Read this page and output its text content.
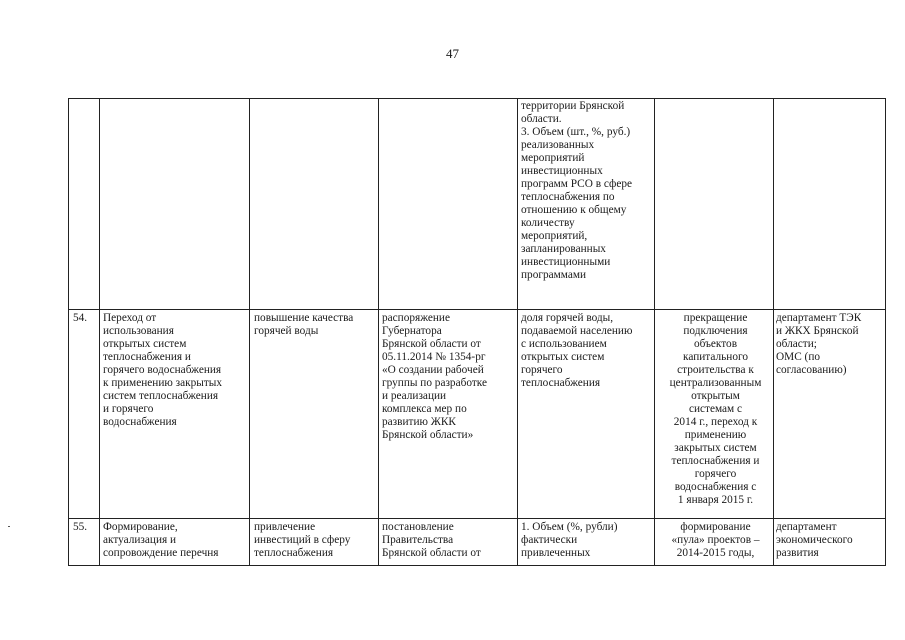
47
территории Брянской
области.
3. Объем (шт., %, руб.)
реализованных
мероприятий
инвестиционных
программ РСО в сфере
теплоснабжения по
отношению к общему
количеству
мероприятий,
запланированных
инвестиционными
программами
54.	Переход от
использования
открытых систем
теплоснабжения и
горячего водоснабжения
к применению закрытых
систем теплоснабжения
и горячего
водоснабжения
повышение качества
горячей воды
распоряжение
Губернатора
Брянской области от
05.11.2014 № 1354-рг
«О создании рабочей
группы по разработке
и реализации
комплекса мер по
развитию ЖКК
Брянской области»
доля горячей воды,
подаваемой населению
с использованием
открытых систем
горячего
теплоснабжения
прекращение
подключения
объектов
капитального
строительства к
централизованным
открытым
системам с
2014 г., переход к
применению
закрытых систем
теплоснабжения и
горячего
водоснабжения с
1 января 2015 г.
департамент ТЭК
и ЖКХ Брянской
области;
ОМС (по
согласованию)
55.	Формирование,
актуализация и
сопровождение перечня
привлечение
инвестиций в сферу
теплоснабжения
постановление
Правительства
Брянской области от
1. Объем (%, рубли)
фактически
привлеченных
формирование
«пула» проектов –
2014-2015 годы,
департамент
экономического
развития
